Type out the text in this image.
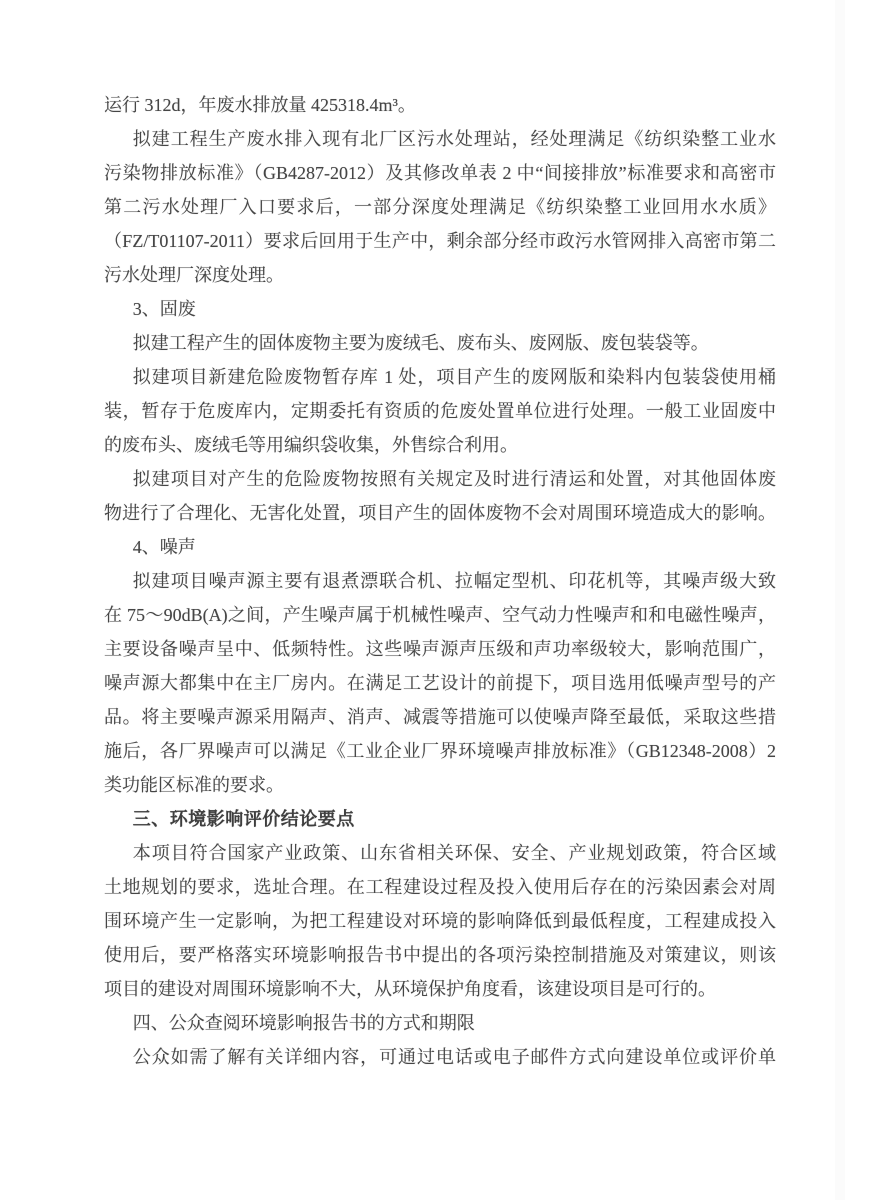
运行 312d，年废水排放量 425318.4m³。
拟建工程生产废水排入现有北厂区污水处理站，经处理满足《纺织染整工业水
污染物排放标准》（GB4287-2012）及其修改单表 2 中“间接排放”标准要求和高密市
第二污水处理厂入口要求后，一部分深度处理满足《纺织染整工业回用水水质》
（FZ/T01107-2011）要求后回用于生产中，剩余部分经市政污水管网排入高密市第二
污水处理厂深度处理。
3、固废
拟建工程产生的固体废物主要为废绒毛、废布头、废网版、废包装袋等。
拟建项目新建危险废物暂存库 1 处，项目产生的废网版和染料内包装袋使用桶
装，暂存于危废库内，定期委托有资质的危废处置单位进行处理。一般工业固废中
的废布头、废绒毛等用编织袋收集，外售综合利用。
拟建项目对产生的危险废物按照有关规定及时进行清运和处置，对其他固体废
物进行了合理化、无害化处置，项目产生的固体废物不会对周围环境造成大的影响。
4、噪声
拟建项目噪声源主要有退煮漂联合机、拉幅定型机、印花机等，其噪声级大致
在 75～90dB(A)之间，产生噪声属于机械性噪声、空气动力性噪声和和电磁性噪声，
主要设备噪声呈中、低频特性。这些噪声源声压级和声功率级较大，影响范围广，
噪声源大都集中在主厂房内。在满足工艺设计的前提下，项目选用低噪声型号的产
品。将主要噪声源采用隔声、消声、减震等措施可以使噪声降至最低，采取这些措
施后，各厂界噪声可以满足《工业企业厂界环境噪声排放标准》（GB12348-2008）2
类功能区标准的要求。
三、环境影响评价结论要点
本项目符合国家产业政策、山东省相关环保、安全、产业规划政策，符合区域
土地规划的要求，选址合理。在工程建设过程及投入使用后存在的污染因素会对周
围环境产生一定影响，为把工程建设对环境的影响降低到最低程度，工程建成投入
使用后，要严格落实环境影响报告书中提出的各项污染控制措施及对策建议，则该
项目的建设对周围环境影响不大，从环境保护角度看，该建设项目是可行的。
四、公众查阅环境影响报告书的方式和期限
公众如需了解有关详细内容，可通过电话或电子邮件方式向建设单位或评价单
